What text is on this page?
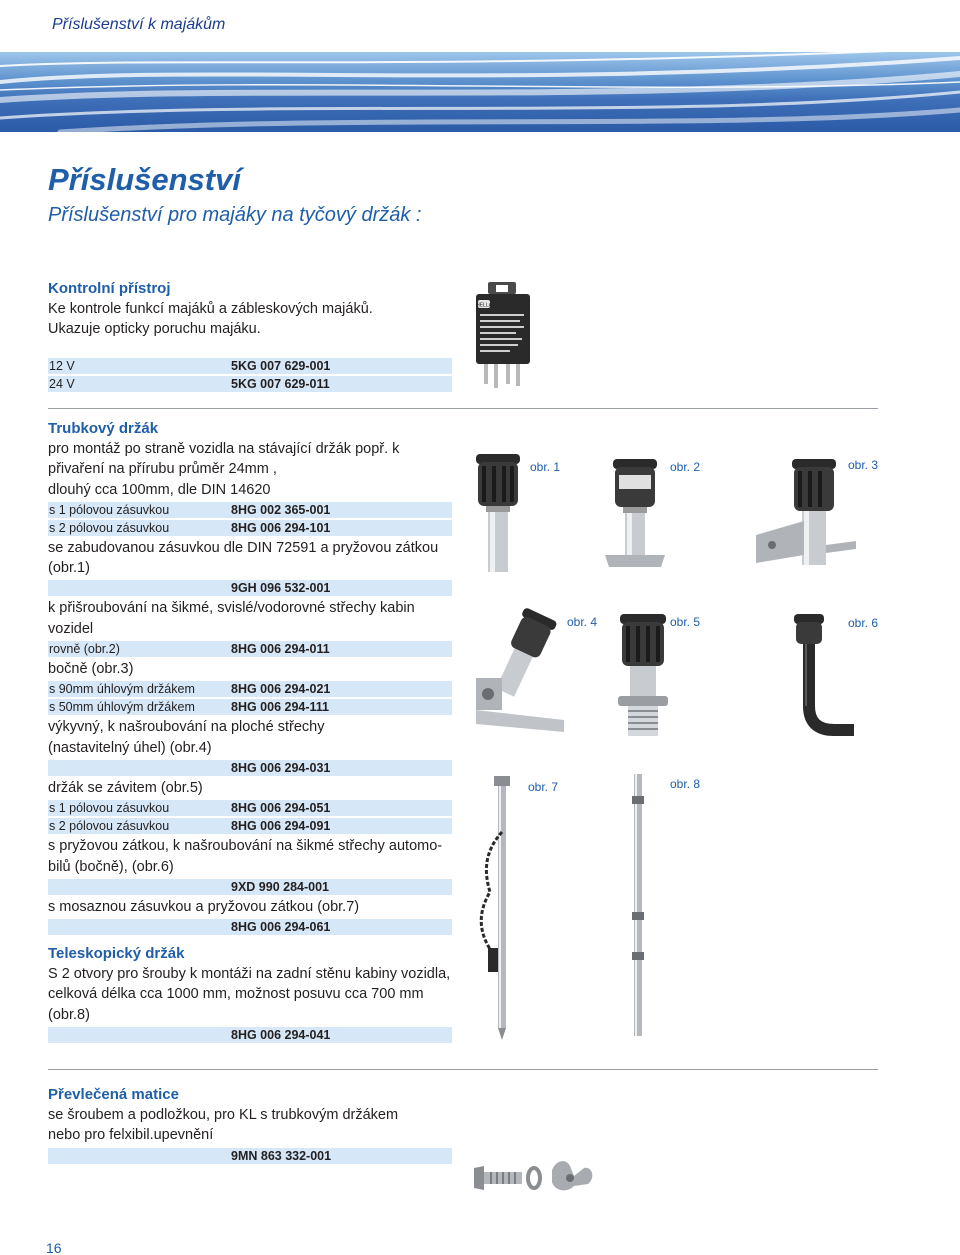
Příslušenství k majákům
Příslušenství
Příslušenství pro majáky na tyčový držák :
Kontrolní přístroj
Ke kontrole funkcí majáků a zábleskových majáků.
Ukazuje opticky poruchu majáku.
12 V	5KG 007 629-001
24 V	5KG 007 629-011
HELLA
Trubkový držák
pro montáž po straně vozidla na stávající držák popř. k
přivaření na přírubu průměr 24mm ,
dlouhý cca 100mm, dle DIN 14620
s 1 pólovou zásuvkou	8HG 002 365-001
s 2 pólovou zásuvkou	8HG 006 294-101
se zabudovanou zásuvkou dle DIN 72591 a pryžovou zátkou
(obr.1)
9GH 096 532-001
k přišroubování na šikmé, svislé/vodorovné střechy kabin vozidel
rovně (obr.2)	8HG 006 294-011
bočně (obr.3)
s 90mm úhlovým držákem	8HG 006 294-021
s 50mm úhlovým držákem	8HG 006 294-111
výkyvný, k našroubování na ploché střechy
(nastavitelný úhel) (obr.4)
8HG 006 294-031
držák se závitem (obr.5)
s 1 pólovou zásuvkou	8HG 006 294-051
s 2 pólovou zásuvkou	8HG 006 294-091
s pryžovou zátkou, k našroubování na šikmé střechy automo-
bilů (bočně), (obr.6)
9XD 990 284-001
s mosaznou zásuvkou a pryžovou zátkou (obr.7)
8HG 006 294-061
Teleskopický držák
S 2 otvory pro šrouby k montáži na zadní stěnu kabiny vozidla,
celková délka cca 1000 mm, možnost posuvu cca 700 mm
(obr.8)
8HG 006 294-041
Převlečená matice
se šroubem a podložkou, pro KL s trubkovým držákem
nebo pro felxibil.upevnění
9MN 863 332-001
obr. 1	obr. 2	obr. 3
obr. 4	obr. 5	obr. 6
obr. 7	obr. 8
16
